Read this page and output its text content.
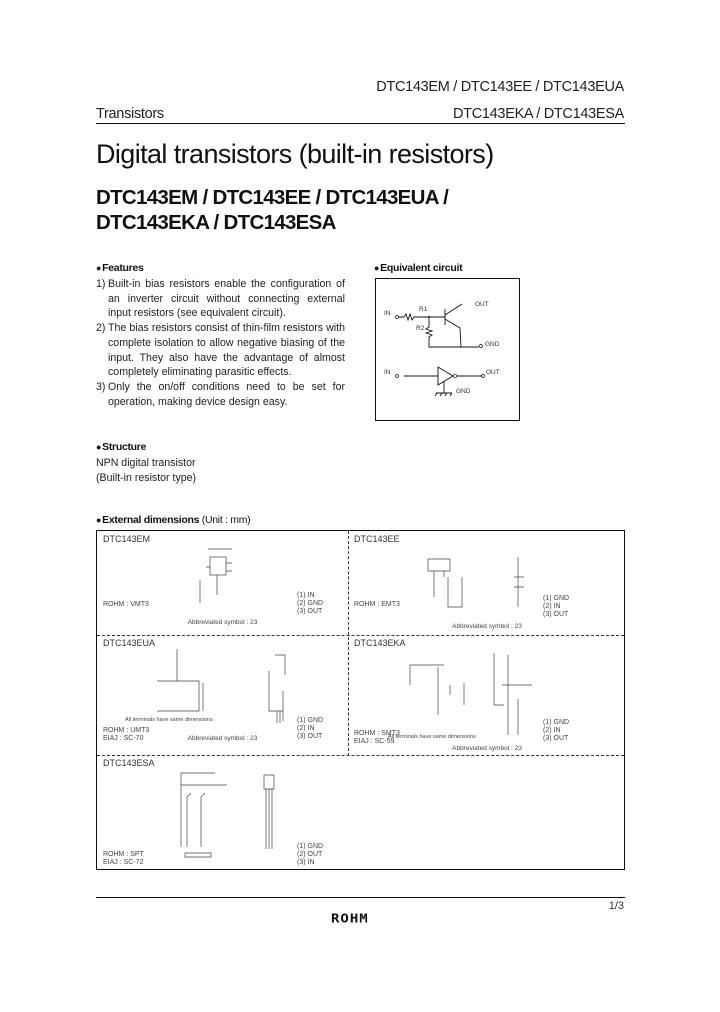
DTC143EM / DTC143EE / DTC143EUA
Transistors	DTC143EKA / DTC143ESA
Digital transistors (built-in resistors)
DTC143EM / DTC143EE / DTC143EUA /
DTC143EKA / DTC143ESA
●Features
1) Built-in bias resistors enable the configuration of an inverter circuit without connecting external input resistors (see equivalent circuit).
2) The bias resistors consist of thin-film resistors with complete isolation to allow negative biasing of the input. They also have the advantage of almost completely eliminating parasitic effects.
3) Only the on/off conditions need to be set for operation, making device design easy.
●Structure
NPN digital transistor
(Built-in resistor type)
●Equivalent circuit
IN
R1
R2
OUT
GND
IN	OUT
GND
●External dimensions (Unit : mm)
DTC143EM
ROHM : VMT3
(1) IN
(2) GND
(3) OUT
Abbreviated symbol : 23
DTC143EE
ROHM : EMT3
(1) GND
(2) IN
(3) OUT
Abbreviated symbol : 23
DTC143EUA
All terminals have same dimensions
ROHM : UMT3
EIAJ : SC-70
(1) GND
(2) IN
(3) OUT
Abbreviated symbol : 23
DTC143EKA
All terminals have same dimensions
ROHM : SMT3
EIAJ : SC-59
(1) GND
(2) IN
(3) OUT
Abbreviated symbol : 23
DTC143ESA
ROHM : SPT
EIAJ : SC-72
(1) GND
(2) OUT
(3) IN
1/3
ROHM
